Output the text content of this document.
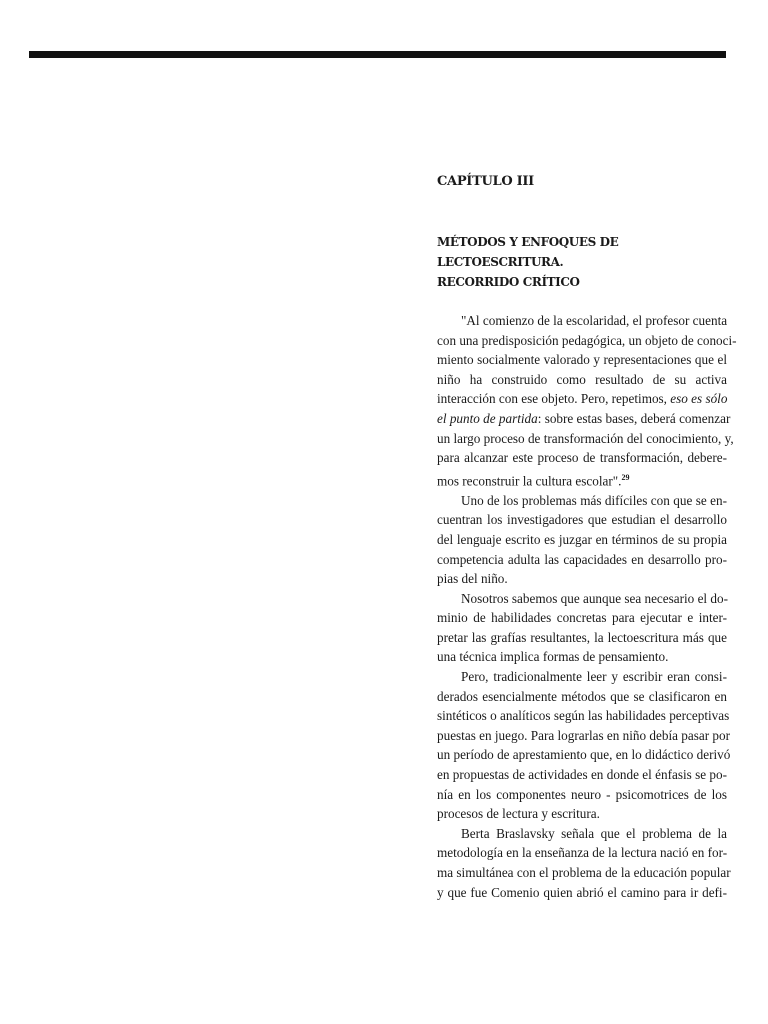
CAPÍTULO III
MÉTODOS Y ENFOQUES DE LECTOESCRITURA.
RECORRIDO CRÍTICO

"Al comienzo de la escolaridad, el profesor cuenta
con una predisposición pedagógica, un objeto de conoci-
miento socialmente valorado y representaciones que el
niño ha construido como resultado de su activa
interacción con ese objeto. Pero, repetimos, eso es sólo
el punto de partida: sobre estas bases, deberá comenzar
un largo proceso de transformación del conocimiento, y,
para alcanzar este proceso de transformación, debere-
mos reconstruir la cultura escolar".$^{29}$

Uno de los problemas más difíciles con que se en-
cuentran los investigadores que estudian el desarrollo
del lenguaje escrito es juzgar en términos de su propia
competencia adulta las capacidades en desarrollo pro-
pias del niño.

Nosotros sabemos que aunque sea necesario el do-
minio de habilidades concretas para ejecutar e inter-
pretar las grafías resultantes, la lectoescritura más que
una técnica implica formas de pensamiento.

Pero, tradicionalmente leer y escribir eran consi-
derados esencialmente métodos que se clasificaron en
sintéticos o analíticos según las habilidades perceptivas
puestas en juego. Para lograrlas en niño debía pasar por
un período de aprestamiento que, en lo didáctico derivó
en propuestas de actividades en donde el énfasis se po-
nía en los componentes neuro - psicomotrices de los
procesos de lectura y escritura.

Berta Braslavsky señala que el problema de la
metodología en la enseñanza de la lectura nació en for-
ma simultánea con el problema de la educación popular
y que fue Comenio quien abrió el camino para ir defi-
